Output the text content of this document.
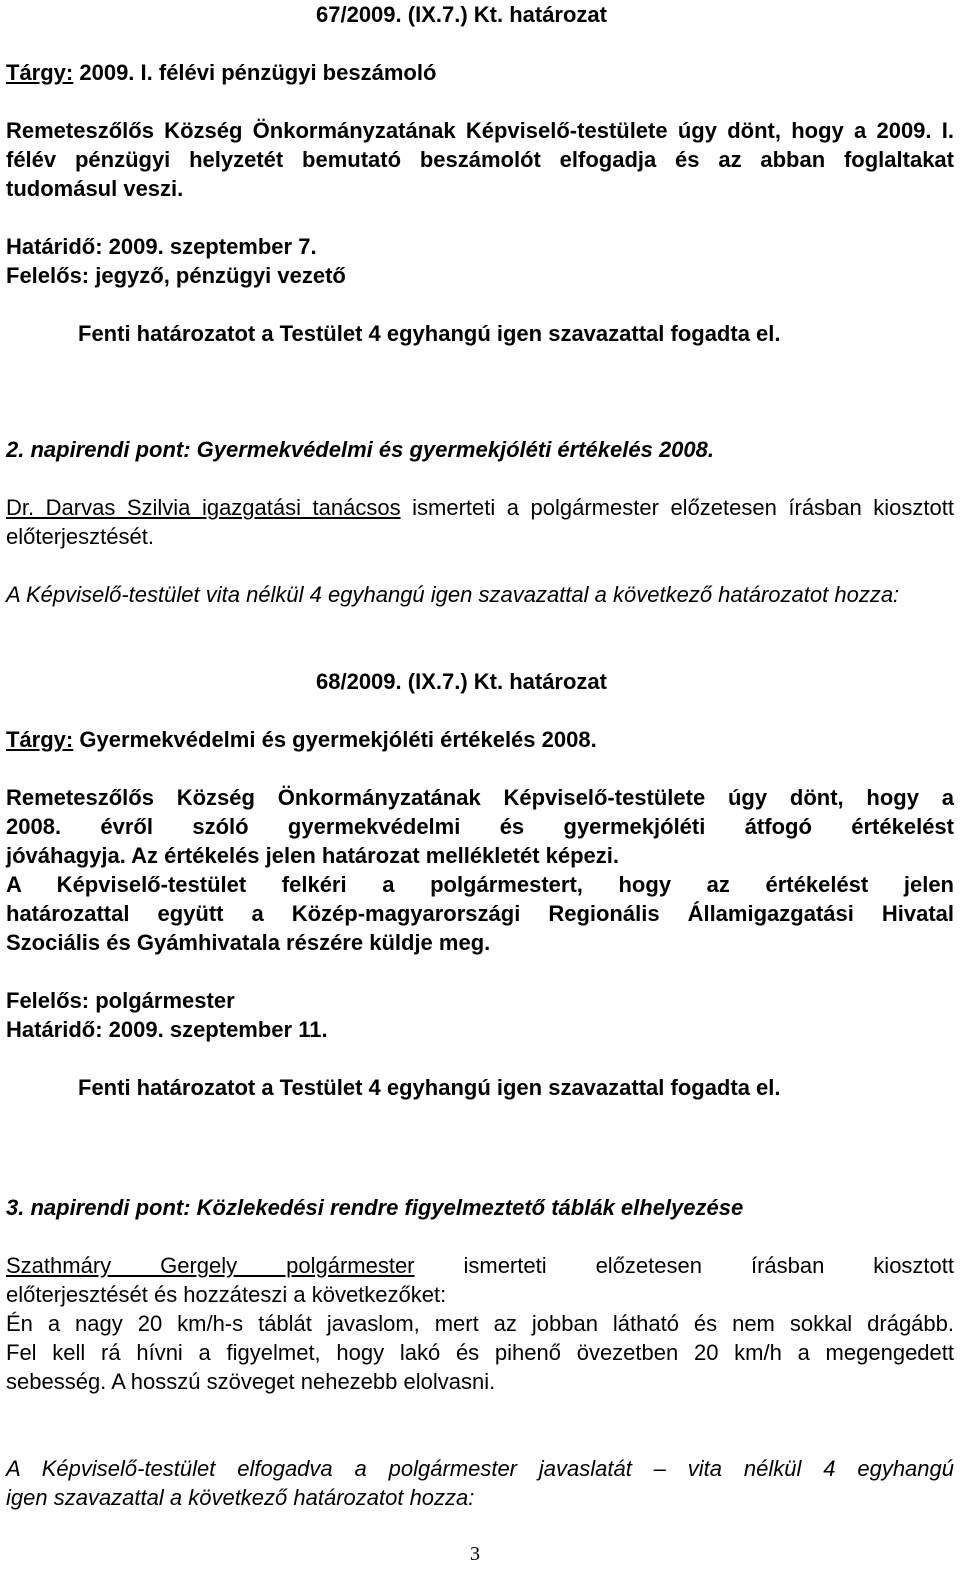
67/2009. (IX.7.) Kt. határozat

Tárgy: 2009. I. félévi pénzügyi beszámoló

Remeteszőlős Község Önkormányzatának Képviselő-testülete úgy dönt, hogy a 2009. I. félév pénzügyi helyzetét bemutató beszámolót elfogadja és az abban foglaltakat tudomásul veszi.

Határidő: 2009. szeptember 7.

Felelős: jegyző, pénzügyi vezető

Fenti határozatot a Testület 4 egyhangú igen szavazattal fogadta el.

2. napirendi pont: Gyermekvédelmi és gyermekjóléti értékelés 2008.

Dr. Darvas Szilvia igazgatási tanácsos ismerteti a polgármester előzetesen írásban kiosztott előterjesztését.

A Képviselő-testület vita nélkül 4 egyhangú igen szavazattal a következő határozatot hozza:

68/2009. (IX.7.) Kt. határozat

Tárgy: Gyermekvédelmi és gyermekjóléti értékelés 2008.

Remeteszőlős Község Önkormányzatának Képviselő-testülete úgy dönt, hogy a

2008. évről szóló gyermekvédelmi és gyermekjóléti átfogó értékelést

jóváhagyja. Az értékelés jelen határozat mellékletét képezi.

A Képviselő-testület felkéri a polgármestert, hogy az értékelést jelen

határozattal együtt a Közép-magyarországi Regionális Államigazgatási Hivatal

Szociális és Gyámhivatala részére küldje meg.

Felelős: polgármester

Határidő: 2009. szeptember 11.

Fenti határozatot a Testület 4 egyhangú igen szavazattal fogadta el.

3. napirendi pont: Közlekedési rendre figyelmeztető táblák elhelyezése

Szathmáry Gergely polgármester ismerteti előzetesen írásban kiosztott

előterjesztését és hozzáteszi a következőket:

Én a nagy 20 km/h-s táblát javaslom, mert az jobban látható és nem sokkal drágább.

Fel kell rá hívni a figyelmet, hogy lakó és pihenő övezetben 20 km/h a megengedett

sebesség. A hosszú szöveget nehezebb elolvasni.

A Képviselő-testület elfogadva a polgármester javaslatát – vita nélkül 4 egyhangú

igen szavazattal a következő határozatot hozza:

3
